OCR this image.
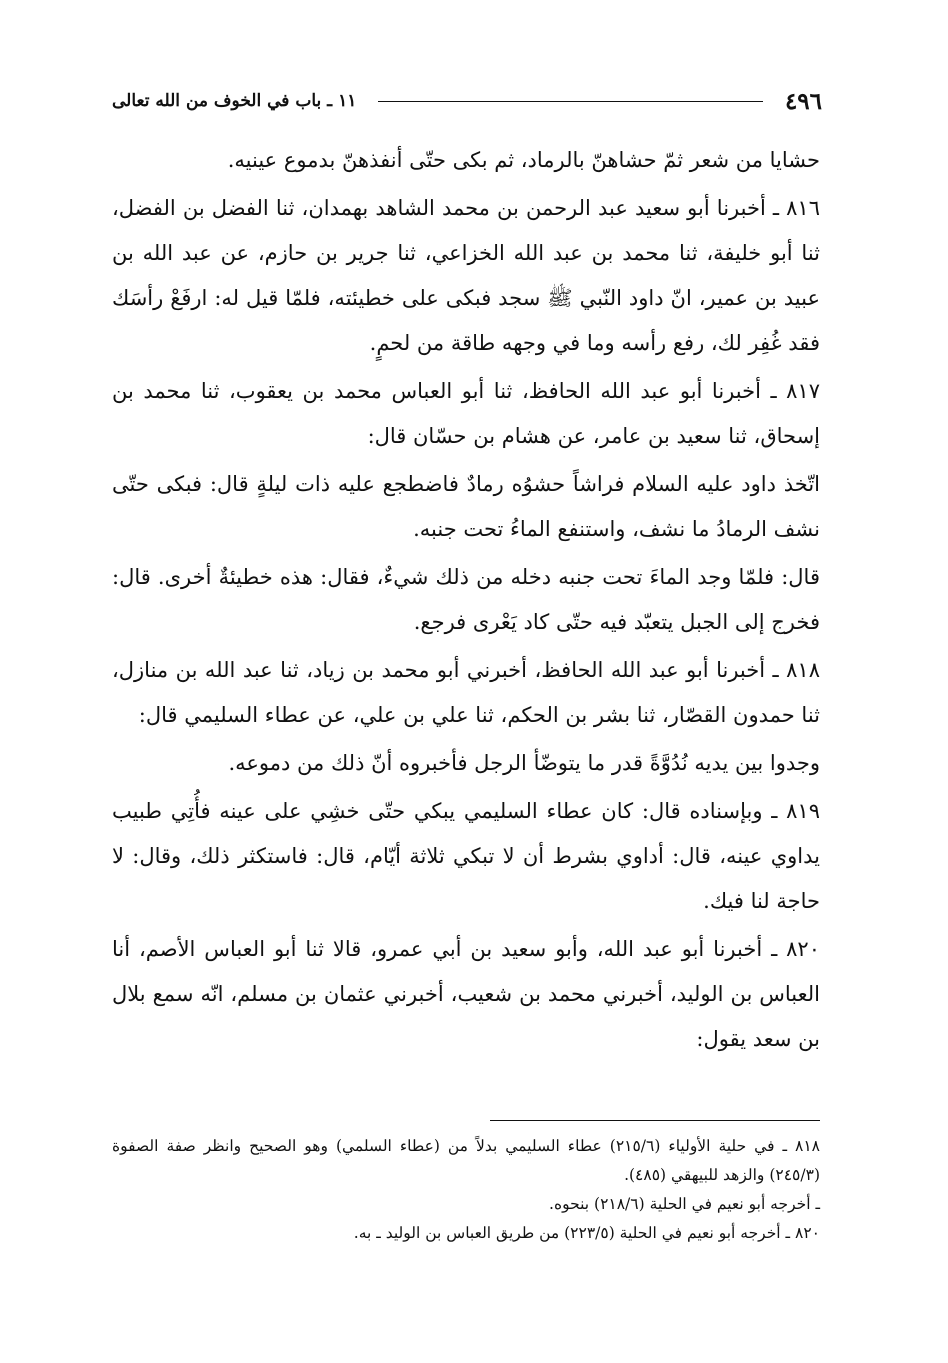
٤٩٦
١١ ـ باب في الخوف من الله تعالى

حشايا من شعر ثمّ حشاهنّ بالرماد، ثم بكى حتّى أنفذهنّ بدموع عينيه.

٨١٦ ـ أخبرنا أبو سعيد عبد الرحمن بن محمد الشاهد بهمدان، ثنا الفضل بن الفضل، ثنا أبو خليفة، ثنا محمد بن عبد الله الخزاعي، ثنا جرير بن حازم، عن عبد الله بن عبيد بن عمير، انّ داود النّبي ﷺ سجد فبكى على خطيئته، فلمّا قيل له: ارفَعْ رأسَك فقد غُفِر لك، رفع رأسه وما في وجهه طاقة من لحمٍ.

٨١٧ ـ أخبرنا أبو عبد الله الحافظ، ثنا أبو العباس محمد بن يعقوب، ثنا محمد بن إسحاق، ثنا سعيد بن عامر، عن هشام بن حسّان قال:

اتّخذ داود عليه السلام فراشاً حشوُه رمادٌ فاضطجع عليه ذات ليلةٍ قال: فبكى حتّى نشف الرمادُ ما نشف، واستنفع الماءُ تحت جنبه.

قال: فلمّا وجد الماءَ تحت جنبه دخله من ذلك شيءٌ، فقال: هذه خطيئةٌ أخرى. قال: فخرج إلى الجبل يتعبّد فيه حتّى كاد يَعْرى فرجع.

٨١٨ ـ أخبرنا أبو عبد الله الحافظ، أخبرني أبو محمد بن زياد، ثنا عبد الله بن منازل، ثنا حمدون القصّار، ثنا بشر بن الحكم، ثنا علي بن علي، عن عطاء السليمي قال:

وجدوا بين يديه نُدُوَّةً قدر ما يتوضّأ الرجل فأخبروه أنّ ذلك من دموعه.

٨١٩ ـ وبإسناده قال: كان عطاء السليمي يبكي حتّى خشِي على عينه فأُتِي طبيب يداوي عينه، قال: أداوي بشرط أن لا تبكي ثلاثة أيّام، قال: فاستكثر ذلك، وقال: لا حاجة لنا فيك.

٨٢٠ ـ أخبرنا أبو عبد الله، وأبو سعيد بن أبي عمرو، قالا ثنا أبو العباس الأصم، أنا العباس بن الوليد، أخبرني محمد بن شعيب، أخبرني عثمان بن مسلم، انّه سمع بلال بن سعد يقول:

٨١٨ ـ في حلية الأولياء (٢١٥/٦) عطاء السليمي بدلاً من (عطاء السلمي) وهو الصحيح وانظر صفة الصفوة (٢٤٥/٣) والزهد للبيهقي (٤٨٥).

ـ أخرجه أبو نعيم في الحلية (٢١٨/٦) بنحوه.

٨٢٠ ـ أخرجه أبو نعيم في الحلية (٢٢٣/٥) من طريق العباس بن الوليد ـ به.
